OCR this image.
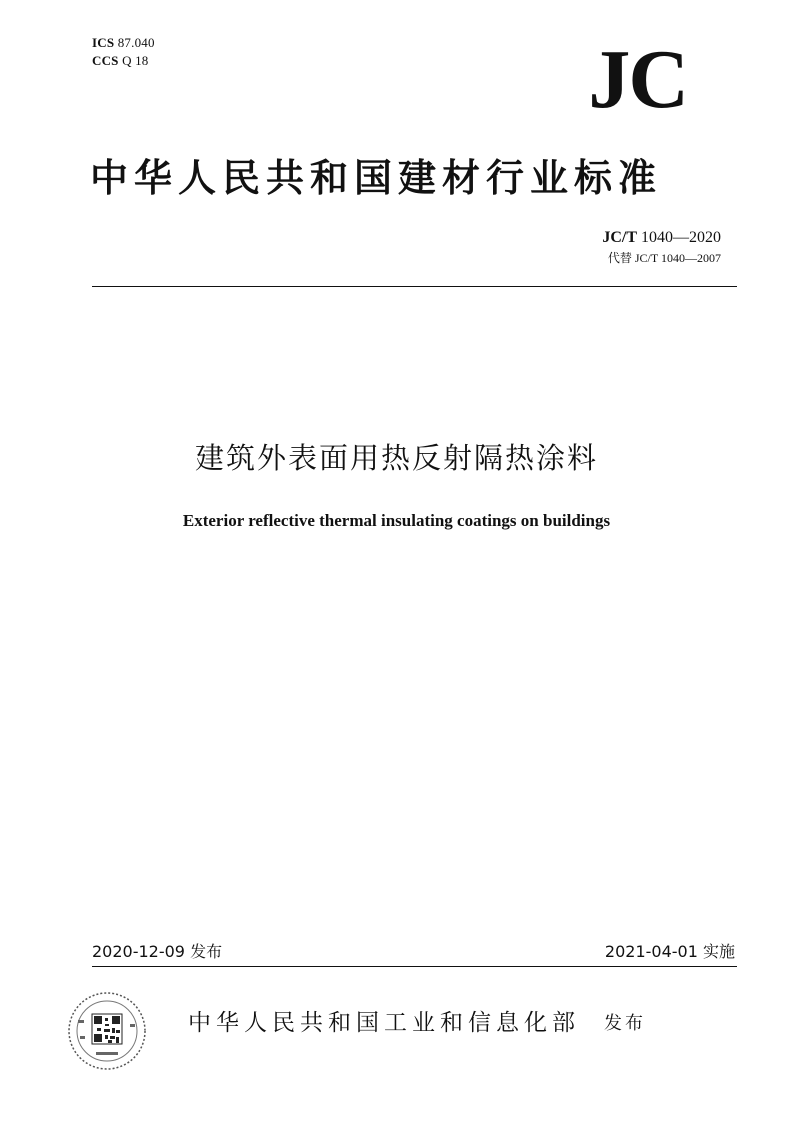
ICS 87.040
CCS Q 18	JC
中华人民共和国建材行业标准
JC/T 1040—2020
代替 JC/T 1040—2007
建筑外表面用热反射隔热涂料
Exterior reflective thermal insulating coatings on buildings
2020-12-09 发布	2021-04-01 实施
中华人民共和国工业和信息化部 发布
